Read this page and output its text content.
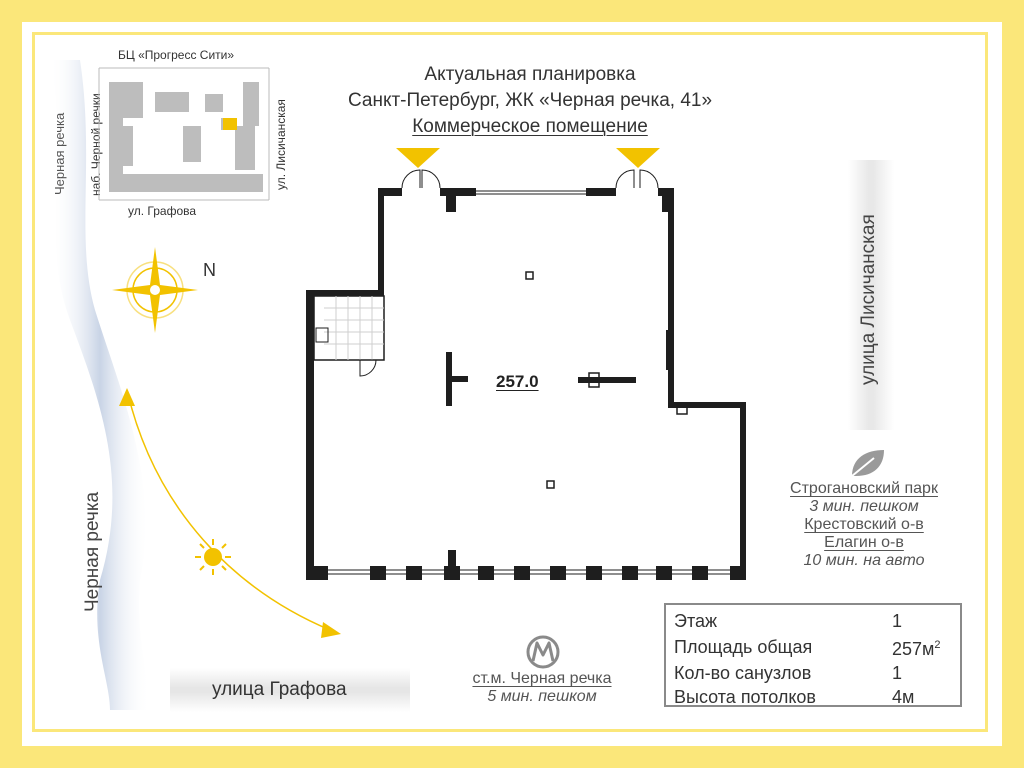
Актуальная планировка
Санкт-Петербург, ЖК «Черная речка, 41»
Коммерческое помещение
Черная речка
Черная речка
БЦ «Прогресс Сити»
наб. Черной речки	ул. Лисичанская
ул. Графова
N	улица Лисичанская
улица Графова
257.0
Строгановский парк
3 мин. пешком
Крестовский о-в
Елагин о-в
10 мин. на авто
ст.м. Черная речка
5 мин. пешком
Этаж	1
Площадь общая	$257м^2$
Кол-во санузлов	1
Высота потолков	4м
